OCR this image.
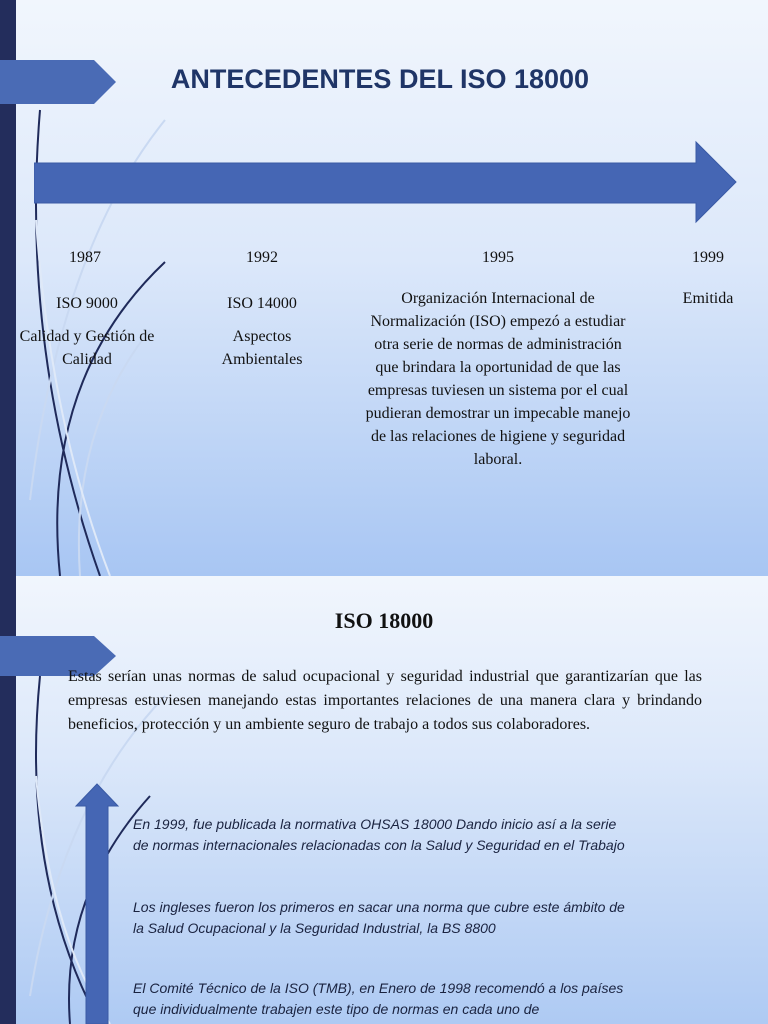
ANTECEDENTES DEL ISO 18000
1987

ISO 9000

Calidad y Gestión de Calidad

1992

ISO 14000

Aspectos Ambientales

1995

Organización Internacional de Normalización (ISO) empezó a estudiar otra serie de normas de administración que brindara la oportunidad de que las empresas tuviesen un sistema por el cual pudieran demostrar un impecable manejo de las relaciones de higiene y seguridad laboral.

1999

Emitida

ISO 18000

Estas serían unas normas de salud ocupacional y seguridad industrial que garantizarían que las empresas estuviesen manejando estas importantes relaciones de una manera clara y brindando beneficios, protección y un ambiente seguro de trabajo a todos sus colaboradores.

En 1999, fue publicada la normativa OHSAS 18000 Dando inicio así a la serie de normas internacionales relacionadas con la Salud y Seguridad en el Trabajo

Los ingleses fueron los primeros en sacar una norma que cubre este ámbito de la Salud Ocupacional y la Seguridad Industrial, la BS 8800

El Comité Técnico de la ISO (TMB), en Enero de 1998 recomendó a los países que individualmente trabajen este tipo de normas en cada uno de
